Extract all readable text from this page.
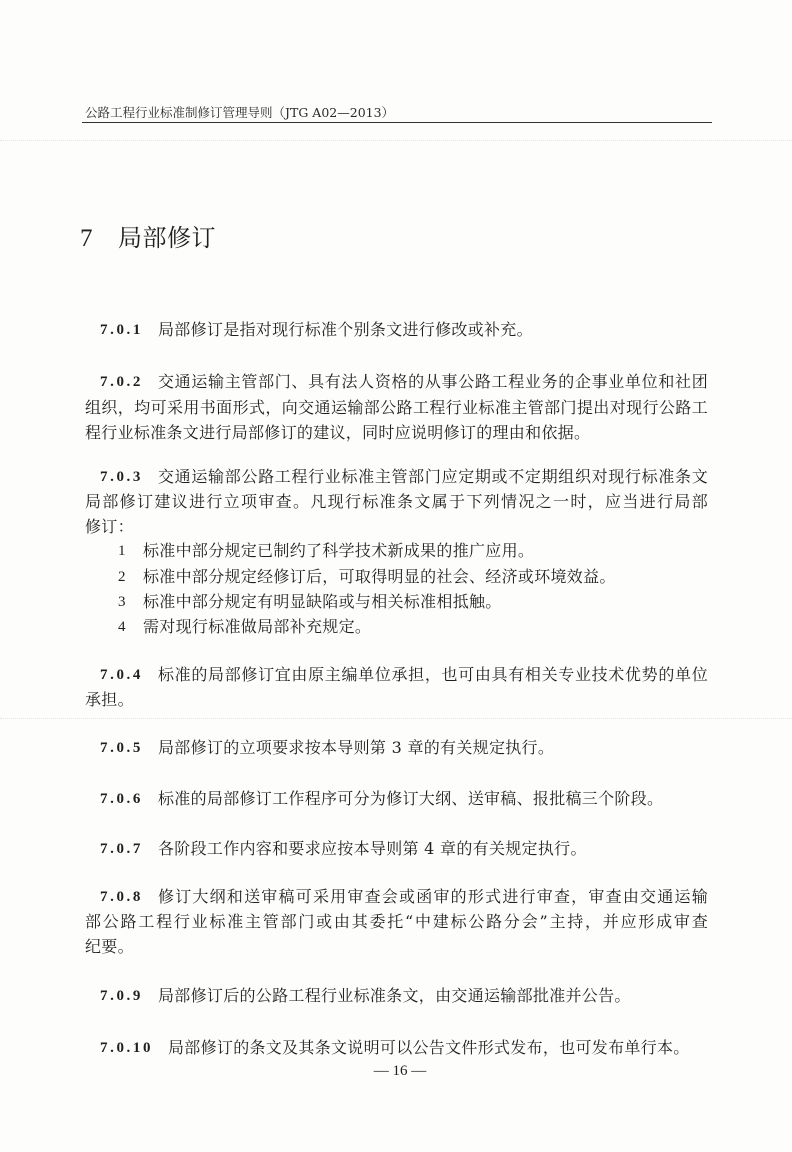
公路工程行业标准制修订管理导则（JTG A02—2013）
7 局部修订
7.0.1 局部修订是指对现行标准个别条文进行修改或补充。
7.0.2 交通运输主管部门、具有法人资格的从事公路工程业务的企事业单位和社团
组织，均可采用书面形式，向交通运输部公路工程行业标准主管部门提出对现行公路工
程行业标准条文进行局部修订的建议，同时应说明修订的理由和依据。
7.0.3 交通运输部公路工程行业标准主管部门应定期或不定期组织对现行标准条文
局部修订建议进行立项审查。凡现行标准条文属于下列情况之一时，应当进行局部
修订：
1	标准中部分规定已制约了科学技术新成果的推广应用。
2	标准中部分规定经修订后，可取得明显的社会、经济或环境效益。
3	标准中部分规定有明显缺陷或与相关标准相抵触。
4	需对现行标准做局部补充规定。
7.0.4 标准的局部修订宜由原主编单位承担，也可由具有相关专业技术优势的单位
承担。
7.0.5 局部修订的立项要求按本导则第 3 章的有关规定执行。
7.0.6 标准的局部修订工作程序可分为修订大纲、送审稿、报批稿三个阶段。
7.0.7 各阶段工作内容和要求应按本导则第 4 章的有关规定执行。
7.0.8 修订大纲和送审稿可采用审查会或函审的形式进行审查，审查由交通运输
部公路工程行业标准主管部门或由其委托“中建标公路分会”主持，并应形成审查
纪要。
7.0.9 局部修订后的公路工程行业标准条文，由交通运输部批准并公告。
7.0.10 局部修订的条文及其条文说明可以公告文件形式发布，也可发布单行本。
— 16 —
